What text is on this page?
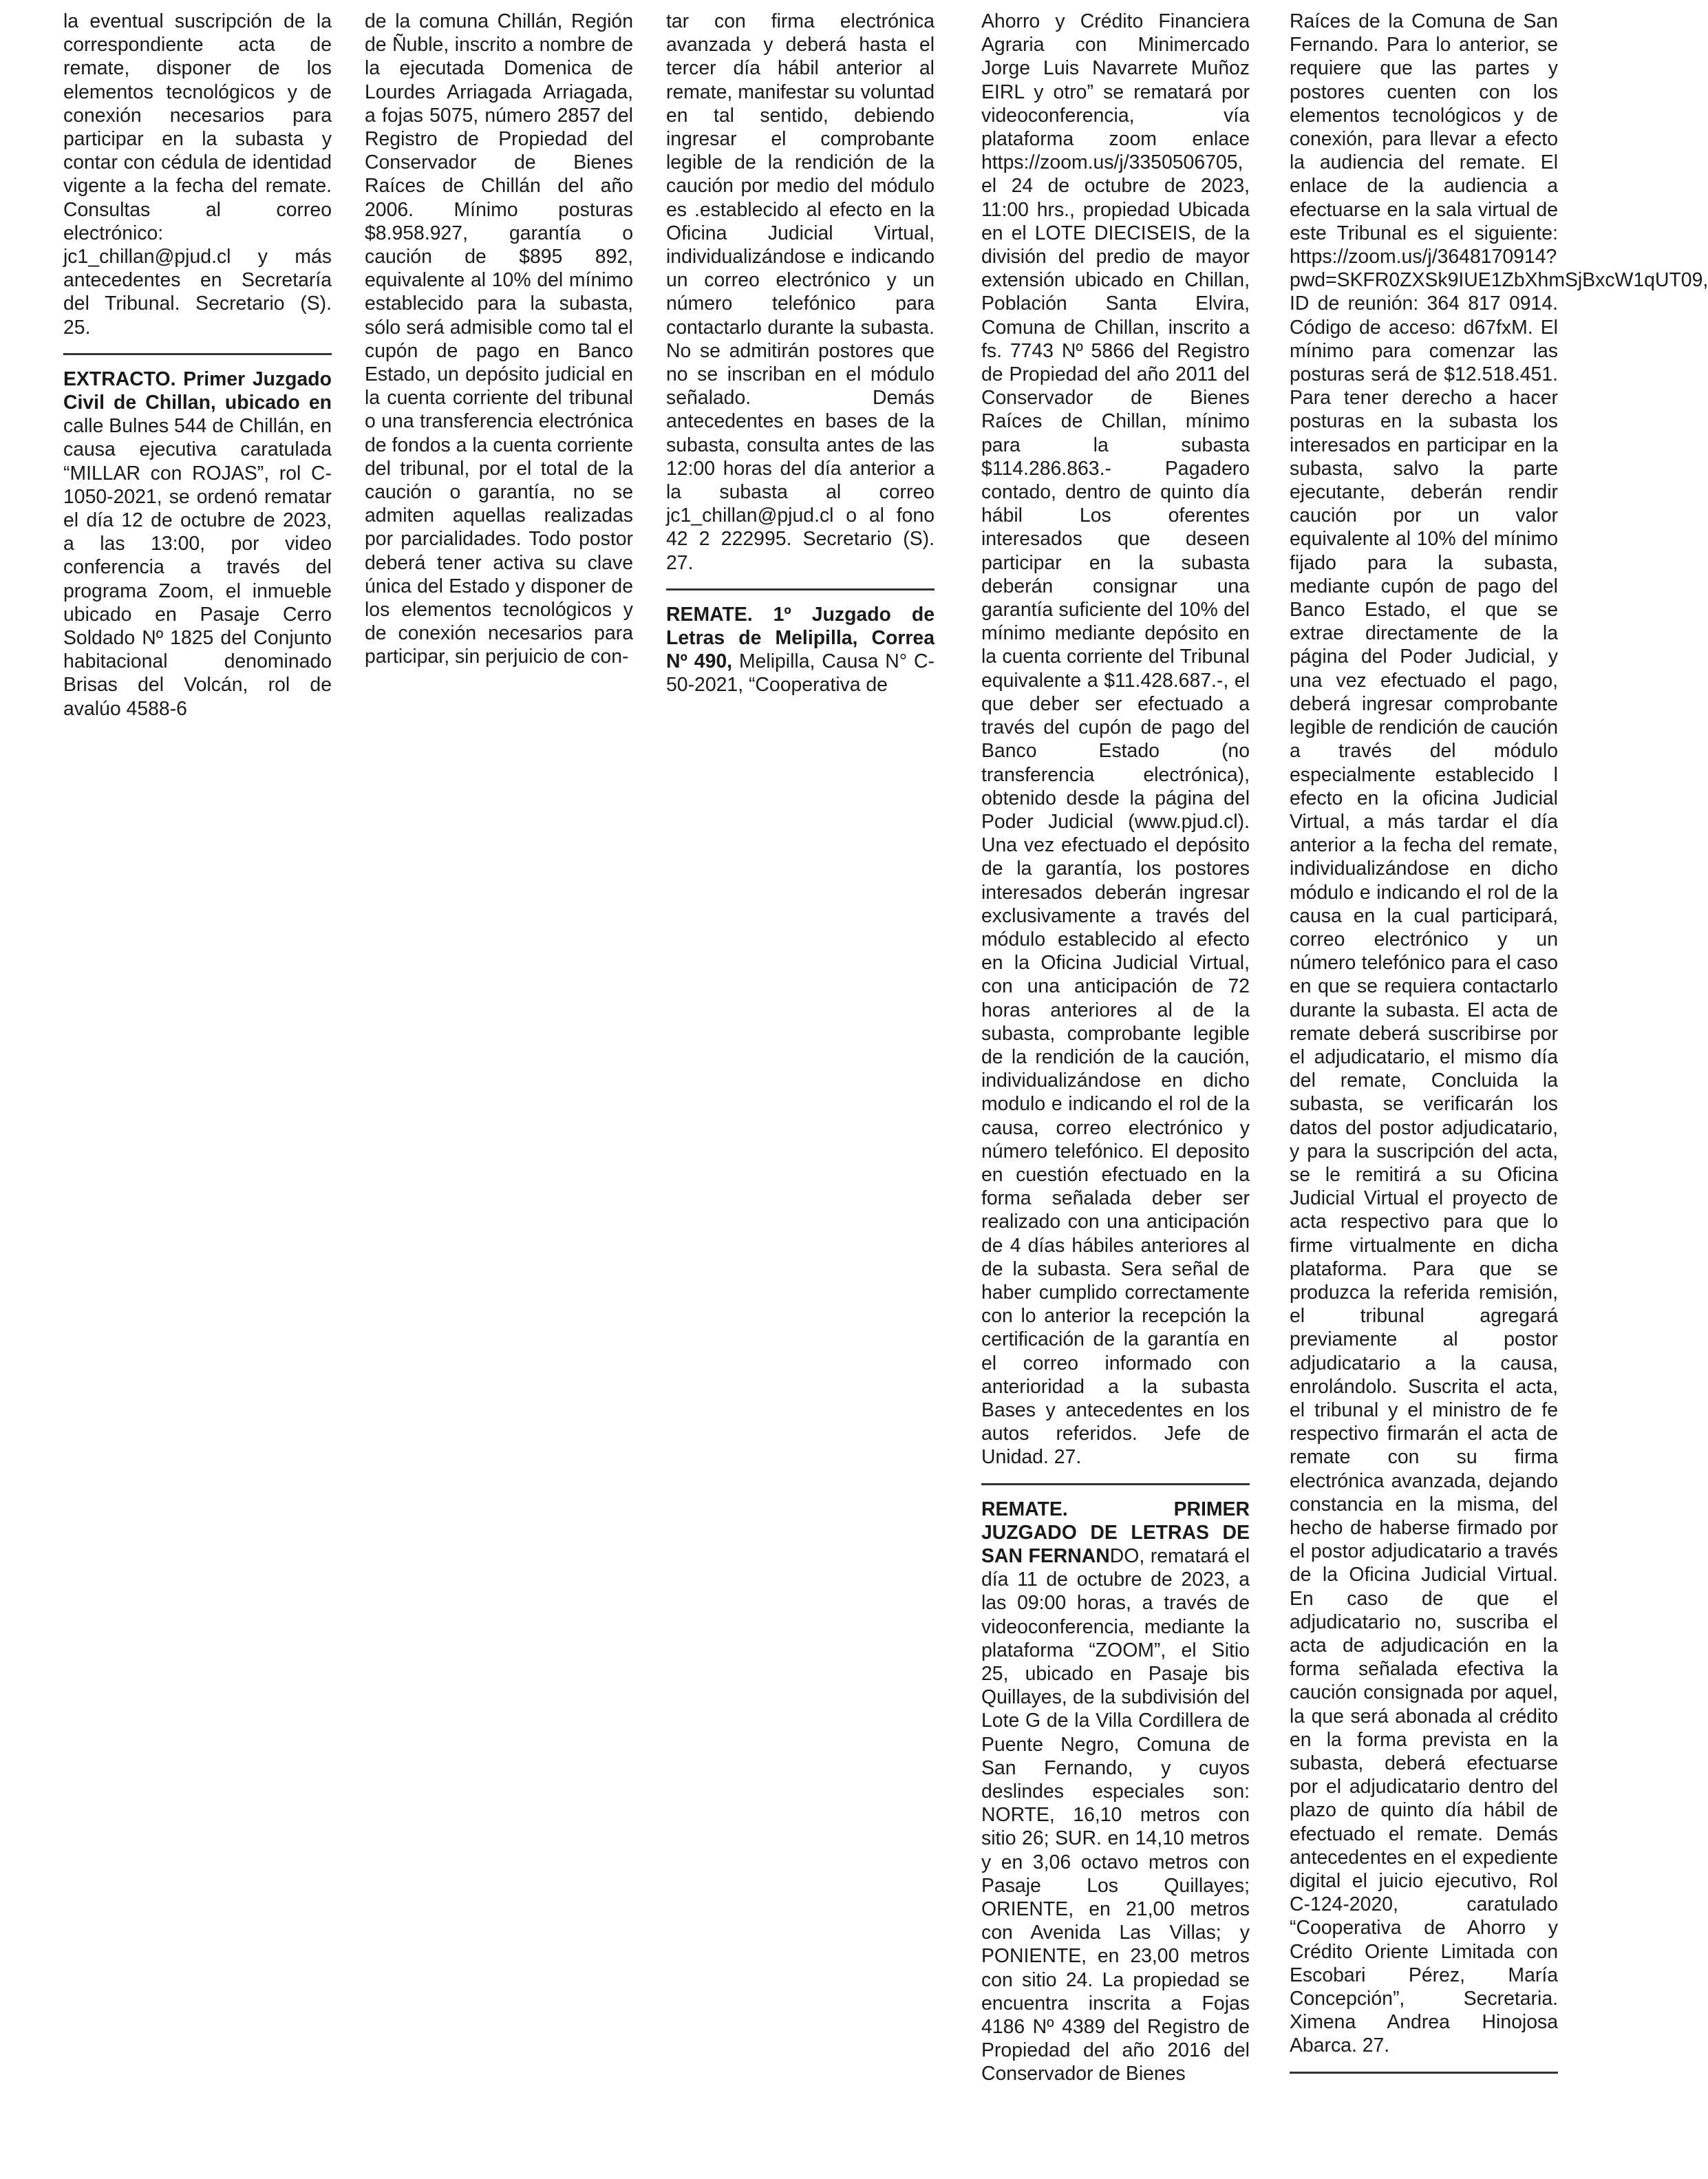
la eventual suscripción de la correspondiente acta de remate, disponer de los elementos tecnológicos y de conexión necesarios para participar en la subasta y contar con cédula de identidad vigente a la fecha del remate. Consultas al correo electrónico: jc1_chillan@pjud.cl y más antecedentes en Secretaría del Tribunal. Secretario (S). 25.

EXTRACTO. Primer Juzgado Civil de Chillan, ubicado en calle Bulnes 544 de Chillán, en causa ejecutiva caratulada “MILLAR con ROJAS”, rol C-1050-2021, se ordenó rematar el día 12 de octubre de 2023, a las 13:00, por video conferencia a través del programa Zoom, el inmueble ubicado en Pasaje Cerro Soldado Nº 1825 del Conjunto habitacional denominado Brisas del Volcán, rol de avalúo 4588-6

de la comuna Chillán, Región de Ñuble, inscrito a nombre de la ejecutada Domenica de Lourdes Arriagada Arriagada, a fojas 5075, número 2857 del Registro de Propiedad del Conservador de Bienes Raíces de Chillán del año 2006. Mínimo posturas $8.958.927, garantía o caución de $895 892, equivalente al 10% del mínimo establecido para la subasta, sólo será admisible como tal el cupón de pago en Banco Estado, un depósito judicial en la cuenta corriente del tribunal o una transferencia electrónica de fondos a la cuenta corriente del tribunal, por el total de la caución o garantía, no se admiten aquellas realizadas por parcialidades. Todo postor deberá tener activa su clave única del Estado y disponer de los elementos tecnológicos y de conexión necesarios para participar, sin perjuicio de con-

tar con firma electrónica avanzada y deberá hasta el tercer día hábil anterior al remate, manifestar su voluntad en tal sentido, debiendo ingresar el comprobante legible de la rendición de la caución por medio del módulo es .establecido al efecto en la Oficina Judicial Virtual, individualizándose e indicando un correo electrónico y un número telefónico para contactarlo durante la subasta. No se admitirán postores que no se inscriban en el módulo señalado. Demás antecedentes en bases de la subasta, consulta antes de las 12:00 horas del día anterior a la subasta al correo jc1_chillan@pjud.cl o al fono 42 2 222995. Secretario (S). 27.

REMATE. 1º Juzgado de Letras de Melipilla, Correa Nº 490, Melipilla, Causa N° C-50-2021, “Cooperativa de

Ahorro y Crédito Financiera Agraria con Minimercado Jorge Luis Navarrete Muñoz EIRL y otro” se rematará por videoconferencia, vía plataforma zoom enlace https://zoom.us/j/3350506705, el 24 de octubre de 2023, 11:00 hrs., propiedad Ubicada en el LOTE DIECISEIS, de la división del predio de mayor extensión ubicado en Chillan, Población Santa Elvira, Comuna de Chillan, inscrito a fs. 7743 Nº 5866 del Registro de Propiedad del año 2011 del Conservador de Bienes Raíces de Chillan, mínimo para la subasta $114.286.863.- Pagadero contado, dentro de quinto día hábil Los oferentes interesados que deseen participar en la subasta deberán consignar una garantía suficiente del 10% del mínimo mediante depósito en la cuenta corriente del Tribunal equivalente a $11.428.687.-, el que deber ser efectuado a través del cupón de pago del Banco Estado (no transferencia electrónica), obtenido desde la página del Poder Judicial (www.pjud.cl). Una vez efectuado el depósito de la garantía, los postores interesados deberán ingresar exclusivamente a través del módulo establecido al efecto en la Oficina Judicial Virtual, con una anticipación de 72 horas anteriores al de la subasta, comprobante legible de la rendición de la caución, individualizándose en dicho modulo e indicando el rol de la causa, correo electrónico y número telefónico. El deposito en cuestión efectuado en la forma señalada deber ser realizado con una anticipación de 4 días hábiles anteriores al de la subasta. Sera señal de haber cumplido correctamente con lo anterior la recepción la certificación de la garantía en el correo informado con anterioridad a la subasta Bases y antecedentes en los autos referidos. Jefe de Unidad. 27.

REMATE. PRIMER JUZGADO DE LETRAS DE SAN FERNANDO, rematará el día 11 de octubre de 2023, a las 09:00 horas, a través de videoconferencia, mediante la plataforma “ZOOM”, el Sitio 25, ubicado en Pasaje bis Quillayes, de la subdivisión del Lote G de la Villa Cordillera de Puente Negro, Comuna de San Fernando, y cuyos deslindes especiales son: NORTE, 16,10 metros con sitio 26; SUR. en 14,10 metros y en 3,06 octavo metros con Pasaje Los Quillayes; ORIENTE, en 21,00 metros con Avenida Las Villas; y PONIENTE, en 23,00 metros con sitio 24. La propiedad se encuentra inscrita a Fojas 4186 Nº 4389 del Registro de Propiedad del año 2016 del Conservador de Bienes

Raíces de la Comuna de San Fernando. Para lo anterior, se requiere que las partes y postores cuenten con los elementos tecnológicos y de conexión, para llevar a efecto la audiencia del remate. El enlace de la audiencia a efectuarse en la sala virtual de este Tribunal es el siguiente: https://zoom.us/j/3648170914?pwd=SKFR0ZXSk9IUE1ZbXhmSjBxcW1qUT09, ID de reunión: 364 817 0914. Código de acceso: d67fxM. El mínimo para comenzar las posturas será de $12.518.451. Para tener derecho a hacer posturas en la subasta los interesados en participar en la subasta, salvo la parte ejecutante, deberán rendir caución por un valor equivalente al 10% del mínimo fijado para la subasta, mediante cupón de pago del Banco Estado, el que se extrae directamente de la página del Poder Judicial, y una vez efectuado el pago, deberá ingresar comprobante legible de rendición de caución a través del módulo especialmente establecido l efecto en la oficina Judicial Virtual, a más tardar el día anterior a la fecha del remate, individualizándose en dicho módulo e indicando el rol de la causa en la cual participará, correo electrónico y un número telefónico para el caso en que se requiera contactarlo durante la subasta. El acta de remate deberá suscribirse por el adjudicatario, el mismo día del remate, Concluida la subasta, se verificarán los datos del postor adjudicatario, y para la suscripción del acta, se le remitirá a su Oficina Judicial Virtual el proyecto de acta respectivo para que lo firme virtualmente en dicha plataforma. Para que se produzca la referida remisión, el tribunal agregará previamente al postor adjudicatario a la causa, enrolándolo. Suscrita el acta, el tribunal y el ministro de fe respectivo firmarán el acta de remate con su firma electrónica avanzada, dejando constancia en la misma, del hecho de haberse firmado por el postor adjudicatario a través de la Oficina Judicial Virtual. En caso de que el adjudicatario no, suscriba el acta de adjudicación en la forma señalada efectiva la caución consignada por aquel, la que será abonada al crédito en la forma prevista en la subasta, deberá efectuarse por el adjudicatario dentro del plazo de quinto día hábil de efectuado el remate. Demás antecedentes en el expediente digital el juicio ejecutivo, Rol C-124-2020, caratulado “Cooperativa de Ahorro y Crédito Oriente Limitada con Escobari Pérez, María Concepción”, Secretaria. Ximena Andrea Hinojosa Abarca. 27.
